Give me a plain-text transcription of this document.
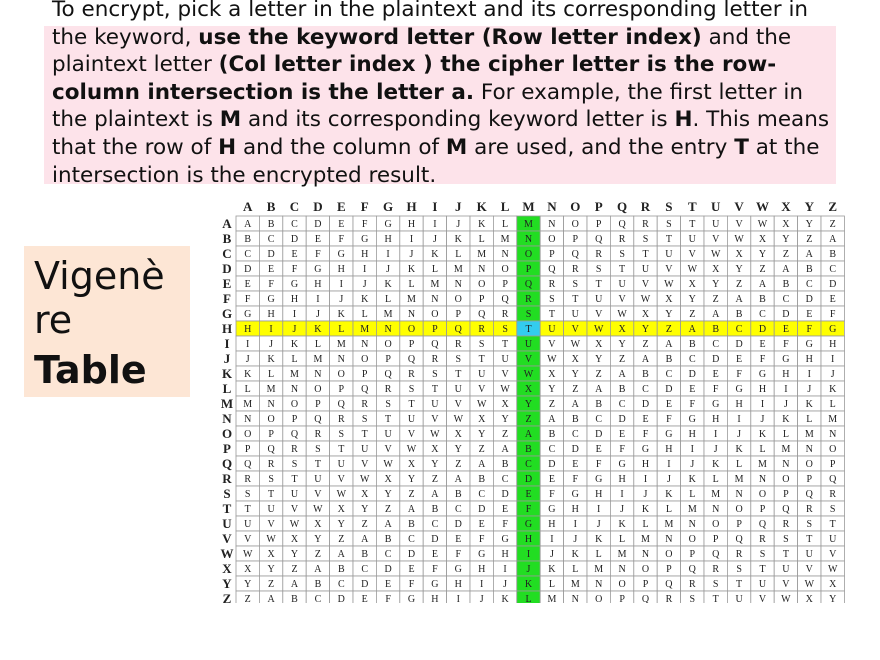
To encrypt, pick a letter in the plaintext and its corresponding letter in the keyword, use the keyword letter (Row letter index) and the plaintext letter (Col letter index ) the cipher letter is the row-column intersection is the letter a. For example, the first letter in the plaintext is M and its corresponding keyword letter is H. This means that the row of H and the column of M are used, and the entry T at the intersection is the encrypted result.

Vigenè
re
Table
A B C D E F G H I J K L M N O P Q R S T U V W X Y Z
A
B
C
D
E
F
G
H
I
J
K
L
M
N
O
P
Q
R
S
T
U
V
W
X
Y
Z
A B C D E F G H I J K L M N O P Q R S T U V W X Y Z
B C D E F G H I J K L M N O P Q R S T U V W X Y Z A
C D E F G H I J K L M N O P Q R S T U V W X Y Z A B
D E F G H I J K L M N O P Q R S T U V W X Y Z A B C
E F G H I J K L M N O P Q R S T U V W X Y Z A B C D
F G H I J K L M N O P Q R S T U V W X Y Z A B C D E
G H I J K L M N O P Q R S T U V W X Y Z A B C D E F
H I J K L M N O P Q R S T U V W X Y Z A B C D E F G
I J K L M N O P Q R S T U V W X Y Z A B C D E F G H
J K L M N O P Q R S T U V W X Y Z A B C D E F G H I
K L M N O P Q R S T U V W X Y Z A B C D E F G H I J
L M N O P Q R S T U V W X Y Z A B C D E F G H I J K
M N O P Q R S T U V W X Y Z A B C D E F G H I J K L
N O P Q R S T U V W X Y Z A B C D E F G H I J K L M
O P Q R S T U V W X Y Z A B C D E F G H I J K L M N
P Q R S T U V W X Y Z A B C D E F G H I J K L M N O
Q R S T U V W X Y Z A B C D E F G H I J K L M N O P
R S T U V W X Y Z A B C D E F G H I J K L M N O P Q
S T U V W X Y Z A B C D E F G H I J K L M N O P Q R
T U V W X Y Z A B C D E F G H I J K L M N O P Q R S
U V W X Y Z A B C D E F G H I J K L M N O P Q R S T
V W X Y Z A B C D E F G H I J K L M N O P Q R S T U
W X Y Z A B C D E F G H I J K L M N O P Q R S T U V
X Y Z A B C D E F G H I J K L M N O P Q R S T U V W
Y Z A B C D E F G H I J K L M N O P Q R S T U V W X
Z A B C D E F G H I J K L M N O P Q R S T U V W X Y
